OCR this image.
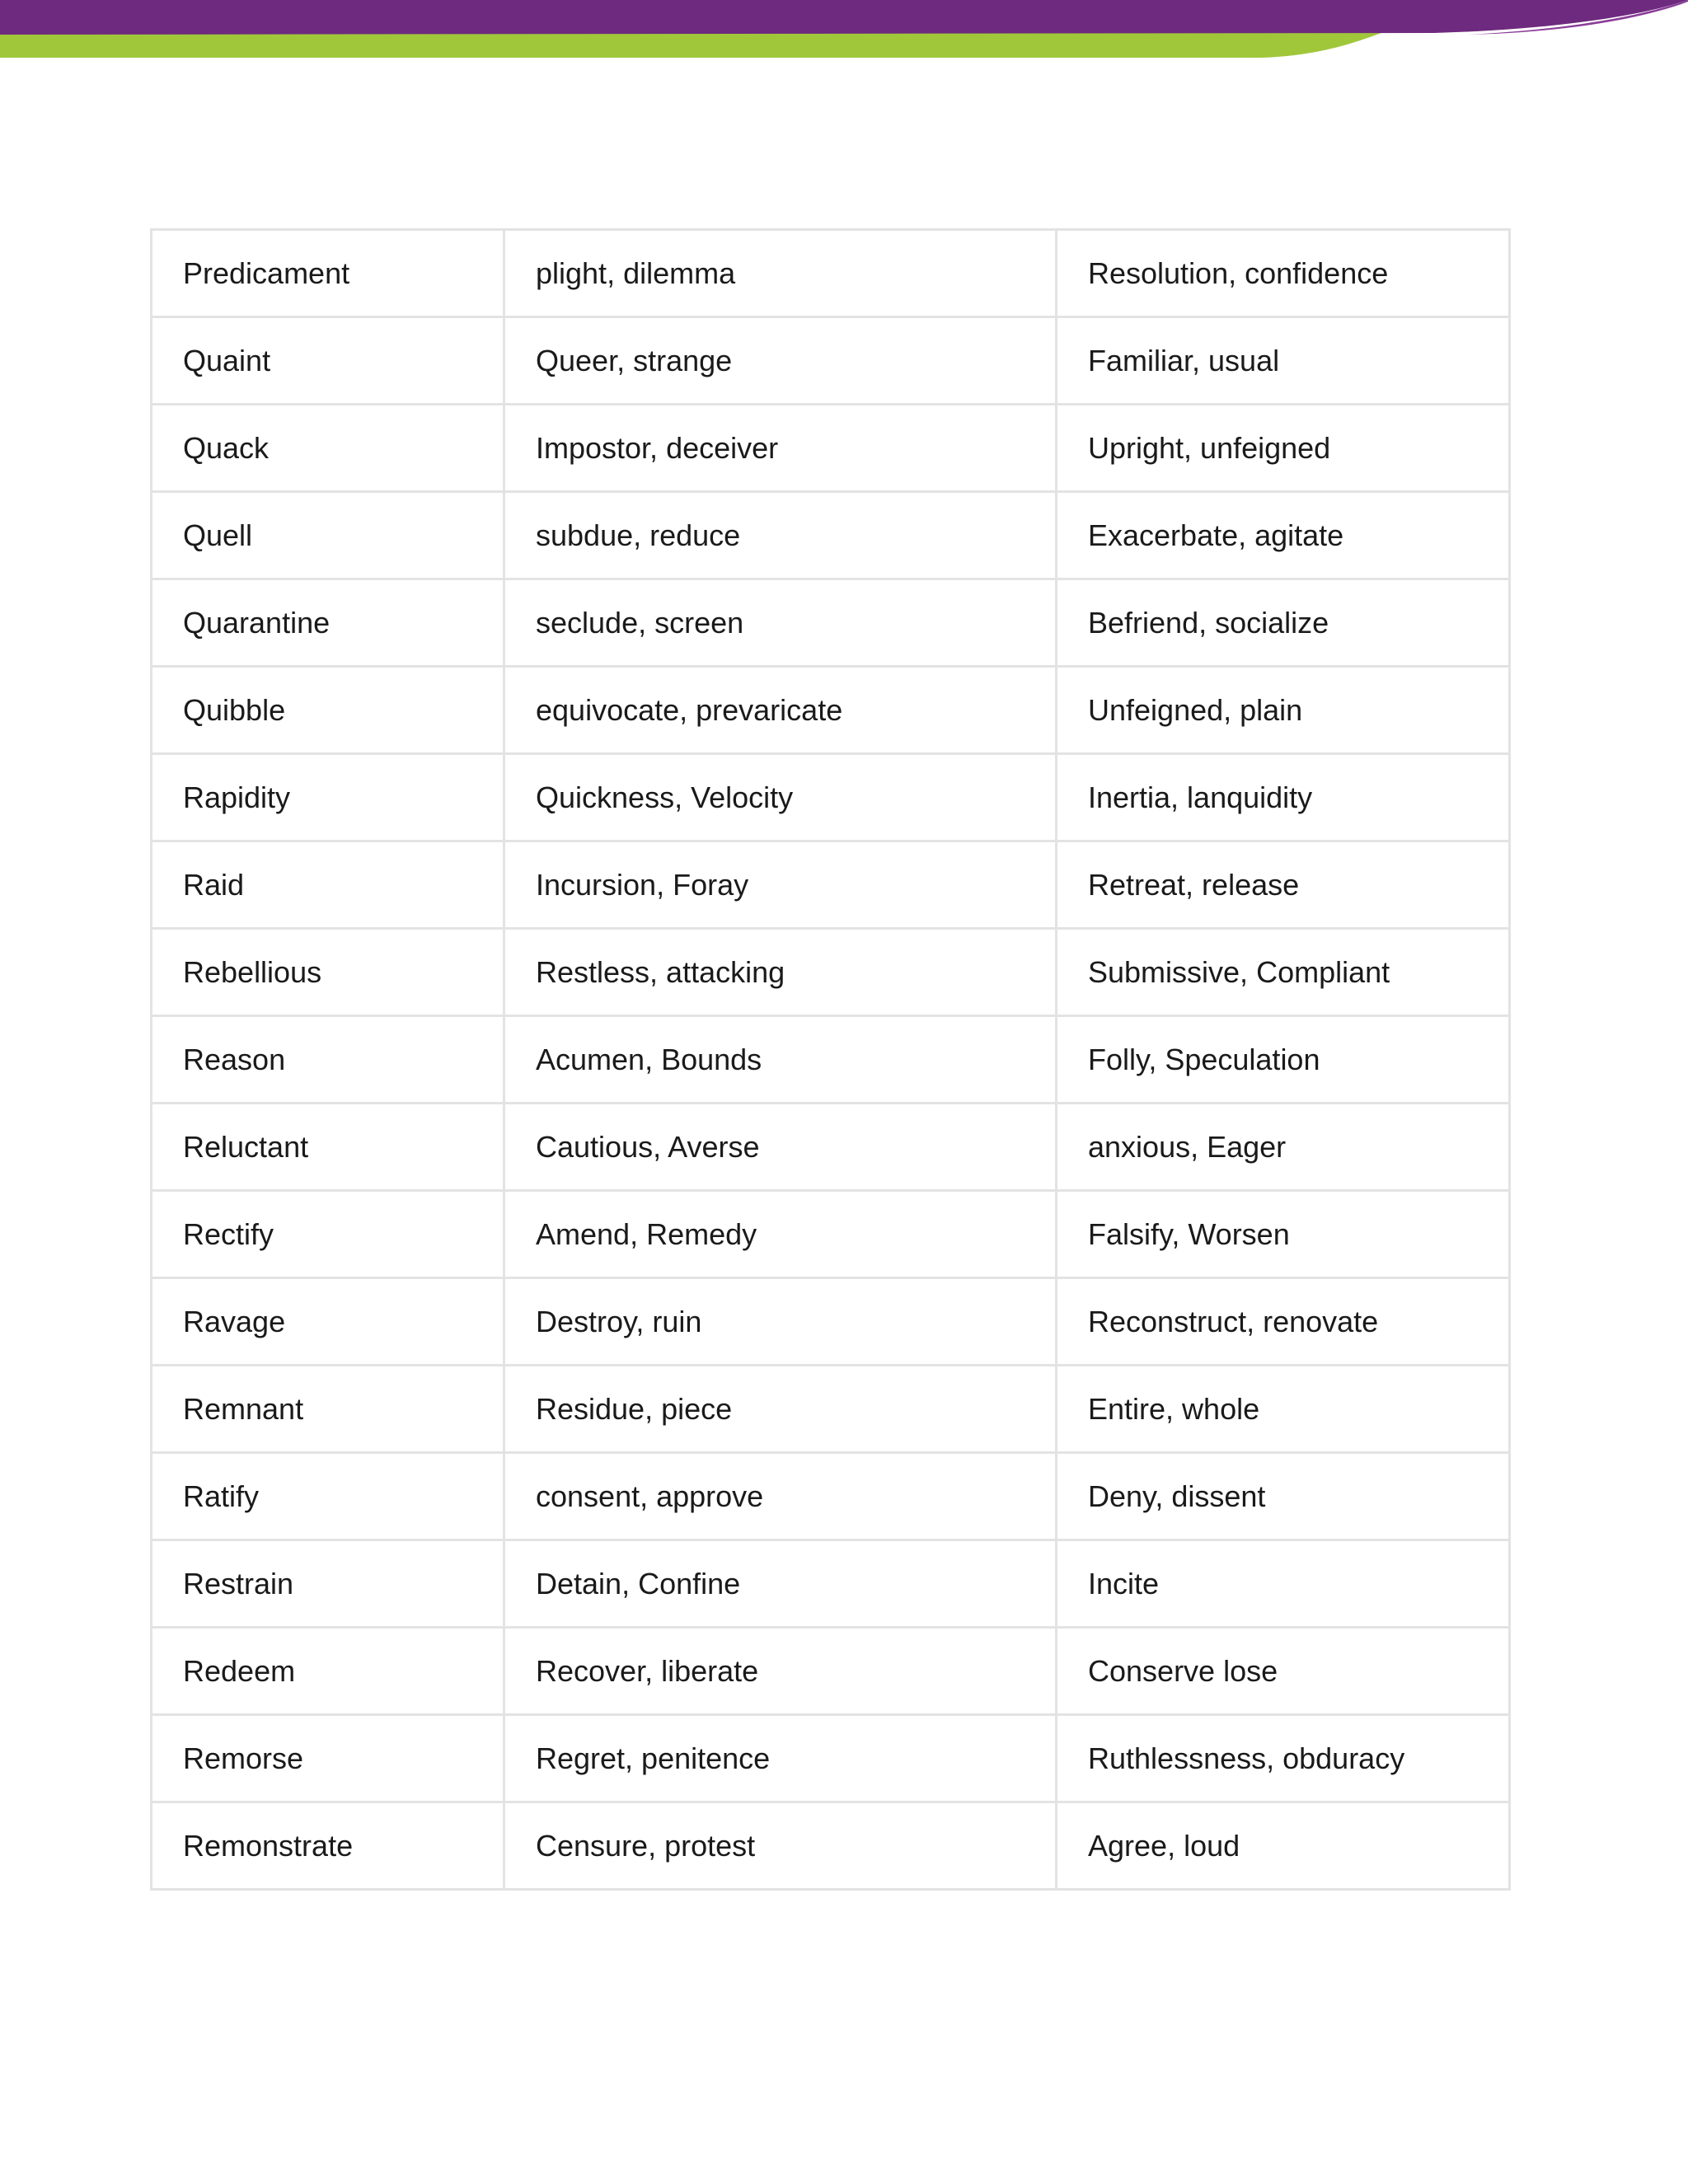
Predicament	plight, dilemma	Resolution, confidence
Quaint	Queer, strange	Familiar, usual
Quack	Impostor, deceiver	Upright, unfeigned
Quell	subdue, reduce	Exacerbate, agitate
Quarantine	seclude, screen	Befriend, socialize
Quibble	equivocate, prevaricate	Unfeigned, plain
Rapidity	Quickness, Velocity	Inertia, lanquidity
Raid	Incursion, Foray	Retreat, release
Rebellious	Restless, attacking	Submissive, Compliant
Reason	Acumen, Bounds	Folly, Speculation
Reluctant	Cautious, Averse	anxious, Eager
Rectify	Amend, Remedy	Falsify, Worsen
Ravage	Destroy, ruin	Reconstruct, renovate
Remnant	Residue, piece	Entire, whole
Ratify	consent, approve	Deny, dissent
Restrain	Detain, Confine	Incite
Redeem	Recover, liberate	Conserve lose
Remorse	Regret, penitence	Ruthlessness, obduracy
Remonstrate	Censure, protest	Agree, loud
